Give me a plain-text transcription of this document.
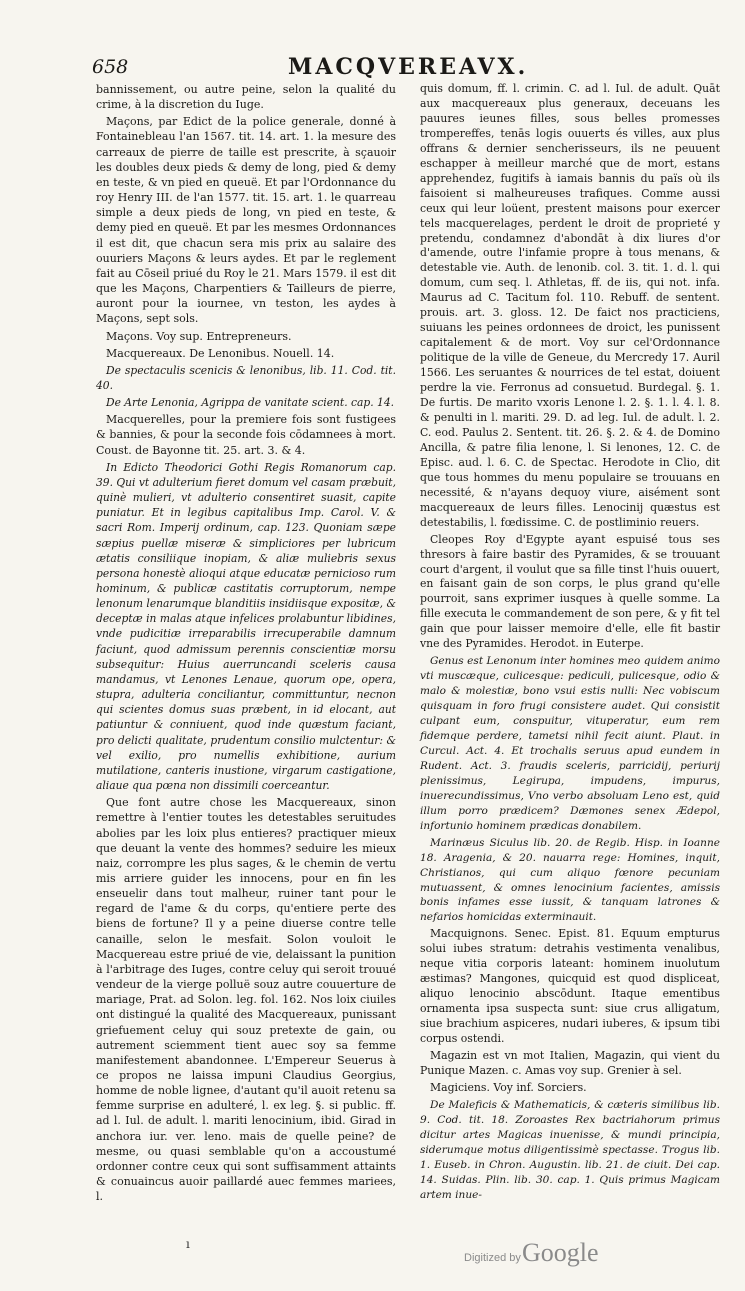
658	MACQVEREAVX.

bannissement, ou autre peine, selon la qualité du crime, à la discretion du Iuge.

Maçons, par Edict de la police generale, donné à Fontainebleau l'an 1567. tit. 14. art. 1. la mesure des carreaux de pierre de taille est prescrite, à sçauoir les doubles deux pieds & demy de long, pied & demy en teste, & vn pied en queuë. Et par l'Ordonnance du roy Henry III. de l'an 1577. tit. 15. art. 1. le quarreau simple a deux pieds de long, vn pied en teste, & demy pied en queuë. Et par les mesmes Ordonnances il est dit, que chacun sera mis prix au salaire des ouuriers Maçons & leurs aydes. Et par le reglement fait au Cōseil priué du Roy le 21. Mars 1579. il est dit que les Maçons, Charpentiers & Tailleurs de pierre, auront pour la iournee, vn teston, les aydes à Maçons, sept sols.

Maçons. Voy sup. Entrepreneurs.

Macquereaux. De Lenonibus. Nouell. 14.

De spectaculis scenicis & lenonibus, lib. 11. Cod. tit. 40.

De Arte Lenonia, Agrippa de vanitate scient. cap. 14.

Macquerelles, pour la premiere fois sont fustigees & bannies, & pour la seconde fois cōdamnees à mort. Coust. de Bayonne tit. 25. art. 3. & 4.

In Edicto Theodorici Gothi Regis Romanorum cap. 39. Qui vt adulterium fieret domum vel casam præbuit, quinè mulieri, vt adulterio consentiret suasit, capite puniatur. Et in legibus capitalibus Imp. Carol. V. & sacri Rom. Imperij ordinum, cap. 123. Quoniam sæpe sæpius puellæ miseræ & simpliciores per lubricum ætatis consiliique inopiam, & aliæ muliebris sexus persona honestè alioqui atque educatæ pernicioso rum hominum, & publicæ castitatis corruptorum, nempe lenonum lenarumque blanditiis insidiisque expositæ, & deceptæ in malas atque infelices prolabuntur libidines, vnde pudicitiæ irreparabilis irrecuperabile damnum faciunt, quod admissum perennis conscientiæ morsu subsequitur: Huius auerruncandi sceleris causa mandamus, vt Lenones Lenaue, quorum ope, opera, stupra, adulteria conciliantur, committuntur, necnon qui scientes domus suas præbent, in id elocant, aut patiuntur & conniuent, quod inde quæstum faciant, pro delicti qualitate, prudentum consilio mulctentur: & vel exilio, pro numellis exhibitione, aurium mutilatione, canteris inustione, virgarum castigatione, aliaue qua pœna non dissimili coerceantur.

Que font autre chose les Macquereaux, sinon remettre à l'entier toutes les detestables seruitudes abolies par les loix plus entieres? practiquer mieux que deuant la vente des hommes? seduire les mieux naiz, corrompre les plus sages, & le chemin de vertu mis arriere guider les innocens, pour en fin les enseuelir dans tout malheur, ruiner tant pour le regard de l'ame & du corps, qu'entiere perte des biens de fortune? Il y a peine diuerse contre telle canaille, selon le mesfait. Solon vouloit le Macquereau estre priué de vie, delaissant la punition à l'arbitrage des Iuges, contre celuy qui seroit trouué vendeur de la vierge polluë souz autre couuerture de mariage, Prat. ad Solon. leg. fol. 162. Nos loix ciuiles ont distingué la qualité des Macquereaux, punissant griefuement celuy qui souz pretexte de gain, ou autrement sciemment tient auec soy sa femme manifestement abandonnee. L'Empereur Seuerus à ce propos ne laissa impuni Claudius Georgius, homme de noble lignee, d'autant qu'il auoit retenu sa femme surprise en adulteré, l. ex leg. §. si public. ff. ad l. Iul. de adult. l. mariti lenocinium, ibid. Girad in anchora iur. ver. leno. mais de quelle peine? de mesme, ou quasi semblable qu'on a accoustumé ordonner contre ceux qui sont suffisamment attaints & conuaincus auoir paillardé auec femmes mariees, l.

quis domum, ff. l. crimin. C. ad l. Iul. de adult. Quāt aux macquereaux plus generaux, deceuans les pauures ieunes filles, sous belles promesses trompereffes, tenās logis ouuerts és villes, aux plus offrans & dernier sencherisseurs, ils ne peuuent eschapper à meilleur marché que de mort, estans apprehendez, fugitifs à iamais bannis du païs où ils faisoient si malheureuses trafiques. Comme aussi ceux qui leur loüent, prestent maisons pour exercer tels macquerelages, perdent le droit de proprieté y pretendu, condamnez d'abondāt à dix liures d'or d'amende, outre l'infamie propre à tous menans, & detestable vie. Auth. de lenonib. col. 3. tit. 1. d. l. qui domum, cum seq. l. Athletas, ff. de iis, qui not. infa. Maurus ad C. Tacitum fol. 110. Rebuff. de sentent. prouis. art. 3. gloss. 12. De faict nos practiciens, suiuans les peines ordonnees de droict, les punissent capitalement & de mort. Voy sur cel'Ordonnance politique de la ville de Geneue, du Mercredy 17. Auril 1566. Les seruantes & nourrices de tel estat, doiuent perdre la vie. Ferronus ad consuetud. Burdegal. §. 1. De furtis. De marito vxoris Lenone l. 2. §. 1. l. 4. l. 8. & penulti in l. mariti. 29. D. ad leg. Iul. de adult. l. 2. C. eod. Paulus 2. Sentent. tit. 26. §. 2. & 4. de Domino Ancilla, & patre filia lenone, l. Si lenones, 12. C. de Episc. aud. l. 6. C. de Spectac. Herodote in Clio, dit que tous hommes du menu populaire se trouuans en necessité, & n'ayans dequoy viure, aisément sont macquereaux de leurs filles. Lenocinij quæstus est detestabilis, l. fœdissime. C. de postliminio reuers.

Cleopes Roy d'Egypte ayant espuisé tous ses thresors à faire bastir des Pyramides, & se trouuant court d'argent, il voulut que sa fille tinst l'huis ouuert, en faisant gain de son corps, le plus grand qu'elle pourroit, sans exprimer iusques à quelle somme. La fille executa le commandement de son pere, & y fit tel gain que pour laisser memoire d'elle, elle fit bastir vne des Pyramides. Herodot. in Euterpe.

Genus est Lenonum inter homines meo quidem animo vti muscæque, culicesque: pediculi, pulicesque, odio & malo & molestiæ, bono vsui estis nulli: Nec vobiscum quisquam in foro frugi consistere audet. Qui consistit culpant eum, conspuitur, vituperatur, eum rem fidemque perdere, tametsi nihil fecit aiunt. Plaut. in Curcul. Act. 4. Et trochalis seruus apud eundem in Rudent. Act. 3. fraudis sceleris, parricidij, periurij plenissimus, Legirupa, impudens, impurus, inuerecundissimus, Vno verbo absoluam Leno est, quid illum porro prædicem? Dæmones senex Ædepol, infortunio hominem prædicas donabilem.

Marinæus Siculus lib. 20. de Regib. Hisp. in Ioanne 18. Aragenia, & 20. nauarra rege: Homines, inquit, Christianos, qui cum aliquo fœnore pecuniam mutuassent, & omnes lenocinium facientes, amissis bonis infames esse iussit, & tanquam latrones & nefarios homicidas exterminauit.

Macquignons. Senec. Epist. 81. Equum empturus solui iubes stratum: detrahis vestimenta venalibus, neque vitia corporis lateant: hominem inuolutum æstimas? Mangones, quicquid est quod displiceat, aliquo lenocinio abscōdunt. Itaque ementibus ornamenta ipsa suspecta sunt: siue crus alligatum, siue brachium aspiceres, nudari iuberes, & ipsum tibi corpus ostendi.

Magazin est vn mot Italien, Magazin, qui vient du Punique Mazen. c. Amas voy sup. Grenier à sel.

Magiciens. Voy inf. Sorciers.

De Maleficis & Mathematicis, & cæteris similibus lib. 9. Cod. tit. 18. Zoroastes Rex bactriahorum primus dicitur artes Magicas inuenisse, & mundi principia, siderumque motus diligentissimè spectasse. Trogus lib. 1. Euseb. in Chron. Augustin. lib. 21. de ciuit. Dei cap. 14. Suidas. Plin. lib. 30. cap. 1. Quis primus Magicam artem inue-

ı
Digitized by Google
